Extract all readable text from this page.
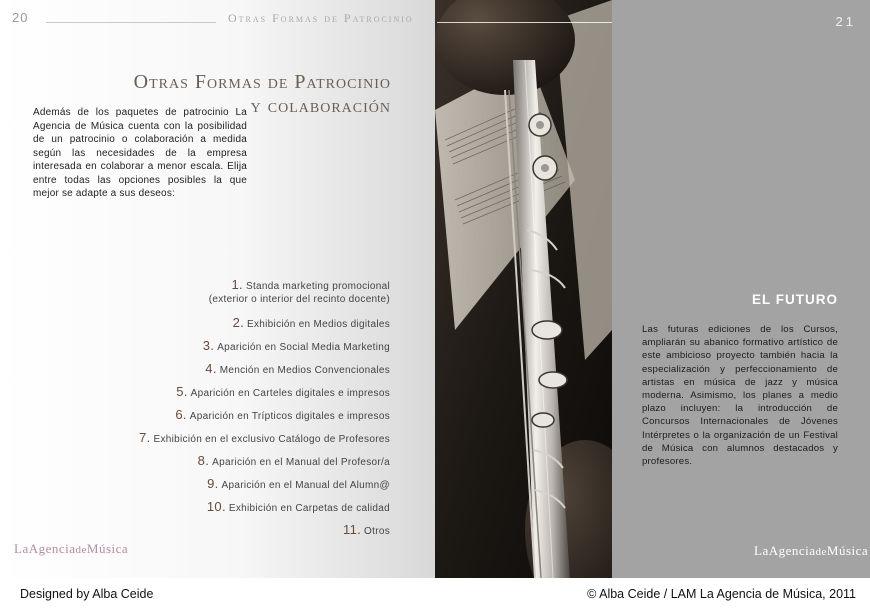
20	Otras Formas de Patrocinio
Otras Formas de Patrocinio
y colaboración

Además de los paquetes de patrocinio La Agencia de Música cuenta con la posibilidad de un patrocinio o colaboración a medida según las necesidades de la empresa interesada en colaborar a menor escala. Elija entre todas las opciones posibles la que mejor se adapte a sus deseos:

1. Standa marketing promocional
(exterior o interior del recinto docente)
2. Exhibición en Medios digitales
3. Aparición en Social Media Marketing
4. Mención en Medios Convencionales
5. Aparición en Carteles digitales e impresos
6. Aparición en Trípticos digitales e impresos
7. Exhibición en el exclusivo Catálogo de Profesores
8. Aparición en el Manual del Profesor/a
9. Aparición en el Manual del Alumn@
10. Exhibición en Carpetas de calidad
11. Otros
LaAgenciadeMúsica
21
EL FUTURO

Las futuras ediciones de los Cursos, ampliarán su abanico formativo artístico de este ambicioso proyecto también hacia la especialización y perfeccionamiento de artistas en música de jazz y música moderna. Asimismo, los planes a medio plazo incluyen: la introducción de Concursos Internacionales de Jóvenes Intérpretes o la organización de un Festival de Música con alumnos destacados y profesores.

LaAgenciadeMúsica
Designed by Alba Ceide	© Alba Ceide / LAM La Agencia de Música, 2011
